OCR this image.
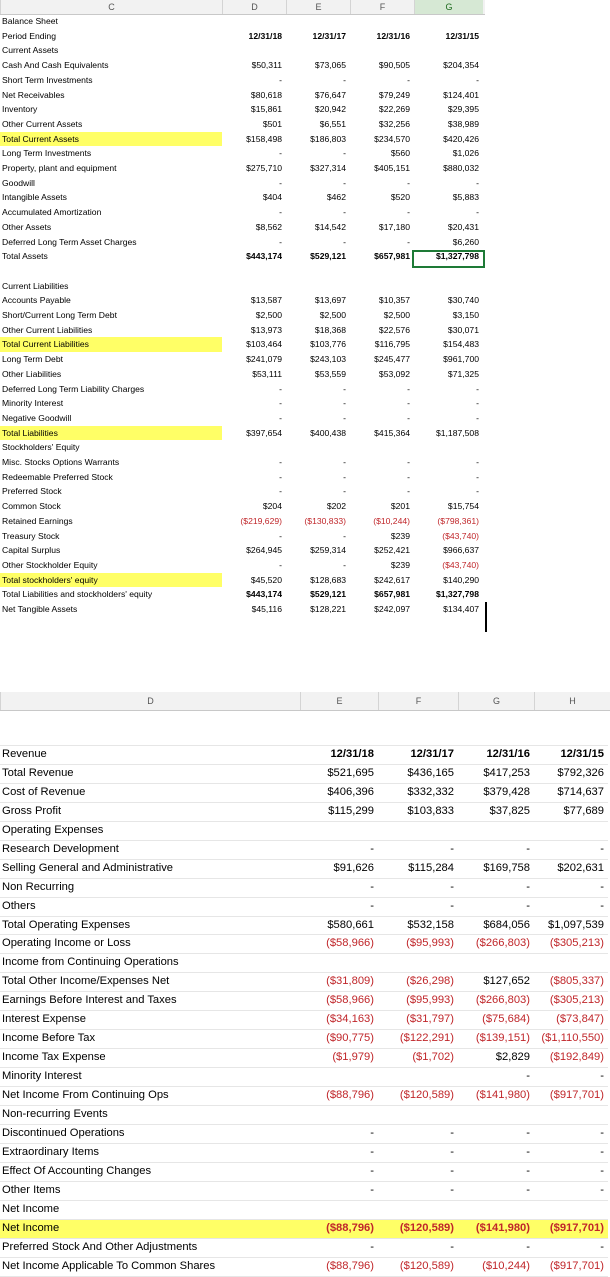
C	D	E	F	G
Balance Sheet				
Period Ending	12/31/18	12/31/17	12/31/16	12/31/15
Current Assets				
Cash And Cash Equivalents	$50,311	$73,065	$90,505	$204,354
Short Term Investments	-	-	-	-
Net Receivables	$80,618	$76,647	$79,249	$124,401
Inventory	$15,861	$20,942	$22,269	$29,395
Other Current Assets	$501	$6,551	$32,256	$38,989
Total Current Assets	$158,498	$186,803	$234,570	$420,426
Long Term Investments	-	-	$560	$1,026
Property, plant and equipment	$275,710	$327,314	$405,151	$880,032
Goodwill	-	-	-	-
Intangible Assets	$404	$462	$520	$5,883
Accumulated Amortization	-	-	-	-
Other Assets	$8,562	$14,542	$17,180	$20,431
Deferred Long Term Asset Charges	-	-	-	$6,260
Total Assets	$443,174	$529,121	$657,981	$1,327,798

Current Liabilities				
Accounts Payable	$13,587	$13,697	$10,357	$30,740
Short/Current Long Term Debt	$2,500	$2,500	$2,500	$3,150
Other Current Liabilities	$13,973	$18,368	$22,576	$30,071
Total Current Liabilities	$103,464	$103,776	$116,795	$154,483
Long Term Debt	$241,079	$243,103	$245,477	$961,700
Other Liabilities	$53,111	$53,559	$53,092	$71,325
Deferred Long Term Liability Charges	-	-	-	-
Minority Interest	-	-	-	-
Negative Goodwill	-	-	-	-
Total Liabilities	$397,654	$400,438	$415,364	$1,187,508
Stockholders' Equity				
Misc. Stocks Options Warrants	-	-	-	-
Redeemable Preferred Stock	-	-	-	-
Preferred Stock	-	-	-	-
Common Stock	$204	$202	$201	$15,754
Retained Earnings	($219,629)	($130,833)	($10,244)	($798,361)
Treasury Stock	-	-	$239	($43,740)
Capital Surplus	$264,945	$259,314	$252,421	$966,637
Other Stockholder Equity	-	-	$239	($43,740)
Total stockholders' equity	$45,520	$128,683	$242,617	$140,290
Total Liabilities and stockholders' equity	$443,174	$529,121	$657,981	$1,327,798
Net Tangible Assets	$45,116	$128,221	$242,097	$134,407
D	E	F	G	H

Revenue	12/31/18	12/31/17	12/31/16	12/31/15
Total Revenue	$521,695	$436,165	$417,253	$792,326
Cost of Revenue	$406,396	$332,332	$379,428	$714,637
Gross Profit	$115,299	$103,833	$37,825	$77,689
Operating Expenses				
Research Development	-	-	-	-
Selling General and Administrative	$91,626	$115,284	$169,758	$202,631
Non Recurring	-	-	-	-
Others	-	-	-	-
Total Operating Expenses	$580,661	$532,158	$684,056	$1,097,539
Operating Income or Loss	($58,966)	($95,993)	($266,803)	($305,213)
Income from Continuing Operations				
Total Other Income/Expenses Net	($31,809)	($26,298)	$127,652	($805,337)
Earnings Before Interest and Taxes	($58,966)	($95,993)	($266,803)	($305,213)
Interest Expense	($34,163)	($31,797)	($75,684)	($73,847)
Income Before Tax	($90,775)	($122,291)	($139,151)	($1,110,550)
Income Tax Expense	($1,979)	($1,702)	$2,829	($192,849)
Minority Interest			-	-
Net Income From Continuing Ops	($88,796)	($120,589)	($141,980)	($917,701)
Non-recurring Events				
Discontinued Operations	-	-	-	-
Extraordinary Items	-	-	-	-
Effect Of Accounting Changes	-	-	-	-
Other Items	-	-	-	-
Net Income				
Net Income	($88,796)	($120,589)	($141,980)	($917,701)
Preferred Stock And Other Adjustments	-	-	-	-
Net Income Applicable To Common Shares	($88,796)	($120,589)	($10,244)	($917,701)
